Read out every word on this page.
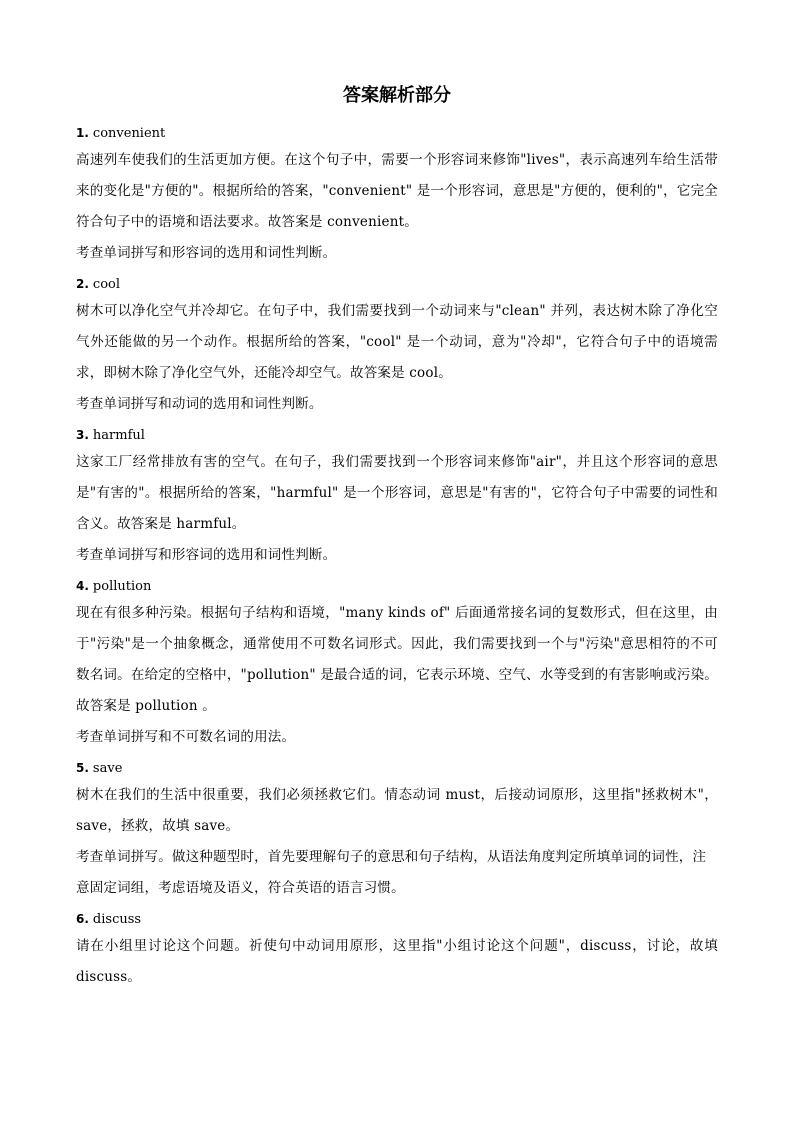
答案解析部分
1. convenient
高速列车使我们的生活更加方便。在这个句子中，需要一个形容词来修饰"lives"，表示高速列车给生活带来的变化是"方便的"。根据所给的答案，"convenient" 是一个形容词，意思是"方便的，便利的"，它完全符合句子中的语境和语法要求。故答案是 convenient。
考查单词拼写和形容词的选用和词性判断。
2. cool
树木可以净化空气并冷却它。在句子中，我们需要找到一个动词来与"clean" 并列，表达树木除了净化空气外还能做的另一个动作。根据所给的答案，"cool" 是一个动词，意为"冷却"，它符合句子中的语境需求，即树木除了净化空气外，还能冷却空气。故答案是 cool。
考查单词拼写和动词的选用和词性判断。
3. harmful
这家工厂经常排放有害的空气。在句子，我们需要找到一个形容词来修饰"air"，并且这个形容词的意思是"有害的"。根据所给的答案，"harmful" 是一个形容词，意思是"有害的"，它符合句子中需要的词性和含义。故答案是 harmful。
考查单词拼写和形容词的选用和词性判断。
4. pollution
现在有很多种污染。根据句子结构和语境，"many kinds of" 后面通常接名词的复数形式，但在这里，由于"污染"是一个抽象概念，通常使用不可数名词形式。因此，我们需要找到一个与"污染"意思相符的不可数名词。在给定的空格中，"pollution" 是最合适的词，它表示环境、空气、水等受到的有害影响或污染。故答案是 pollution 。
考查单词拼写和不可数名词的用法。
5. save
树木在我们的生活中很重要，我们必须拯救它们。情态动词 must，后接动词原形，这里指"拯救树木"，save，拯救，故填 save。
考查单词拼写。做这种题型时，首先要理解句子的意思和句子结构，从语法角度判定所填单词的词性，注意固定词组，考虑语境及语义，符合英语的语言习惯。
6. discuss
请在小组里讨论这个问题。祈使句中动词用原形，这里指"小组讨论这个问题"，discuss，讨论，故填 discuss。
